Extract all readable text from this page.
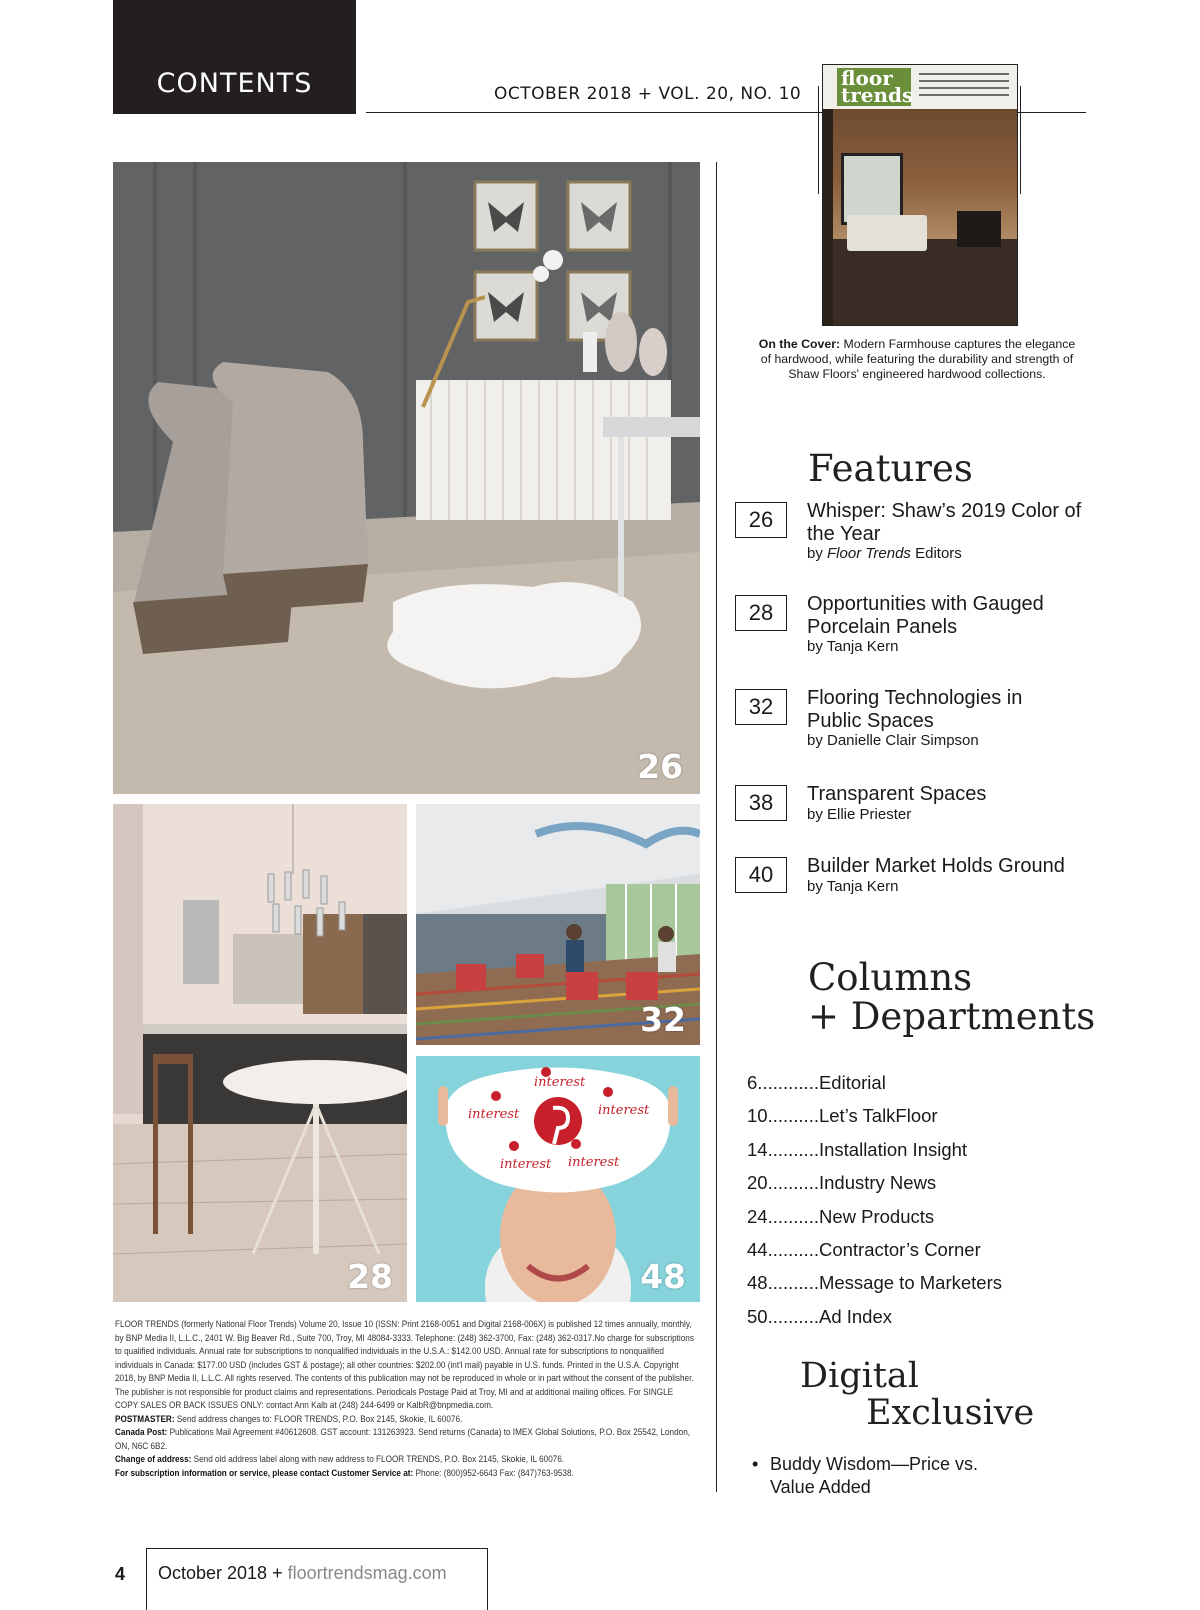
CONTENTS	OCTOBER 2018 + VOL. 20, NO. 10
floor
trends
On the Cover: Modern Farmhouse captures the elegance of hardwood, while featuring the durability and strength of Shaw Floors' engineered hardwood collections.
26
28
32
interest
interest	interest
interest interest
48
Features
26	Whisper: Shaw’s 2019 Color of the Year
by Floor Trends Editors
28	Opportunities with Gauged Porcelain Panels
by Tanja Kern
32	Flooring Technologies in Public Spaces
by Danielle Clair Simpson
38	Transparent Spaces
by Ellie Priester
40	Builder Market Holds Ground
by Tanja Kern
Columns
+ Departments
6............Editorial
10..........Let’s TalkFloor
14..........Installation Insight
20..........Industry News
24..........New Products
44..........Contractor’s Corner
48..........Message to Marketers
50..........Ad Index
Digital
Exclusive
• Buddy Wisdom—Price vs.
Value Added
FLOOR TRENDS (formerly National Floor Trends) Volume 20, Issue 10 (ISSN: Print 2168-0051 and Digital 2168-006X) is published 12 times annually, monthly, by BNP Media II, L.L.C., 2401 W. Big Beaver Rd., Suite 700, Troy, MI 48084-3333. Telephone: (248) 362-3700, Fax: (248) 362-0317.No charge for subscriptions to qualified individuals. Annual rate for subscriptions to nonqualified individuals in the U.S.A.: $142.00 USD. Annual rate for subscriptions to nonqualified individuals in Canada: $177.00 USD (includes GST & postage); all other countries: $202.00 (int'l mail) payable in U.S. funds. Printed in the U.S.A. Copyright 2018, by BNP Media II, L.L.C. All rights reserved. The contents of this publication may not be reproduced in whole or in part without the consent of the publisher. The publisher is not responsible for product claims and representations. Periodicals Postage Paid at Troy, MI and at additional mailing offices. For SINGLE COPY SALES OR BACK ISSUES ONLY: contact Ann Kalb at (248) 244-6499 or KalbR@bnpmedia.com.
POSTMASTER: Send address changes to: FLOOR TRENDS, P.O. Box 2145, Skokie, IL 60076.
Canada Post: Publications Mail Agreement #40612608. GST account: 131263923. Send returns (Canada) to IMEX Global Solutions, P.O. Box 25542, London, ON, N6C 6B2.
Change of address: Send old address label along with new address to FLOOR TRENDS, P.O. Box 2145, Skokie, IL 60076.
For subscription information or service, please contact Customer Service at: Phone: (800)952-6643 Fax: (847)763-9538.
4 October 2018 + floortrendsmag.com
